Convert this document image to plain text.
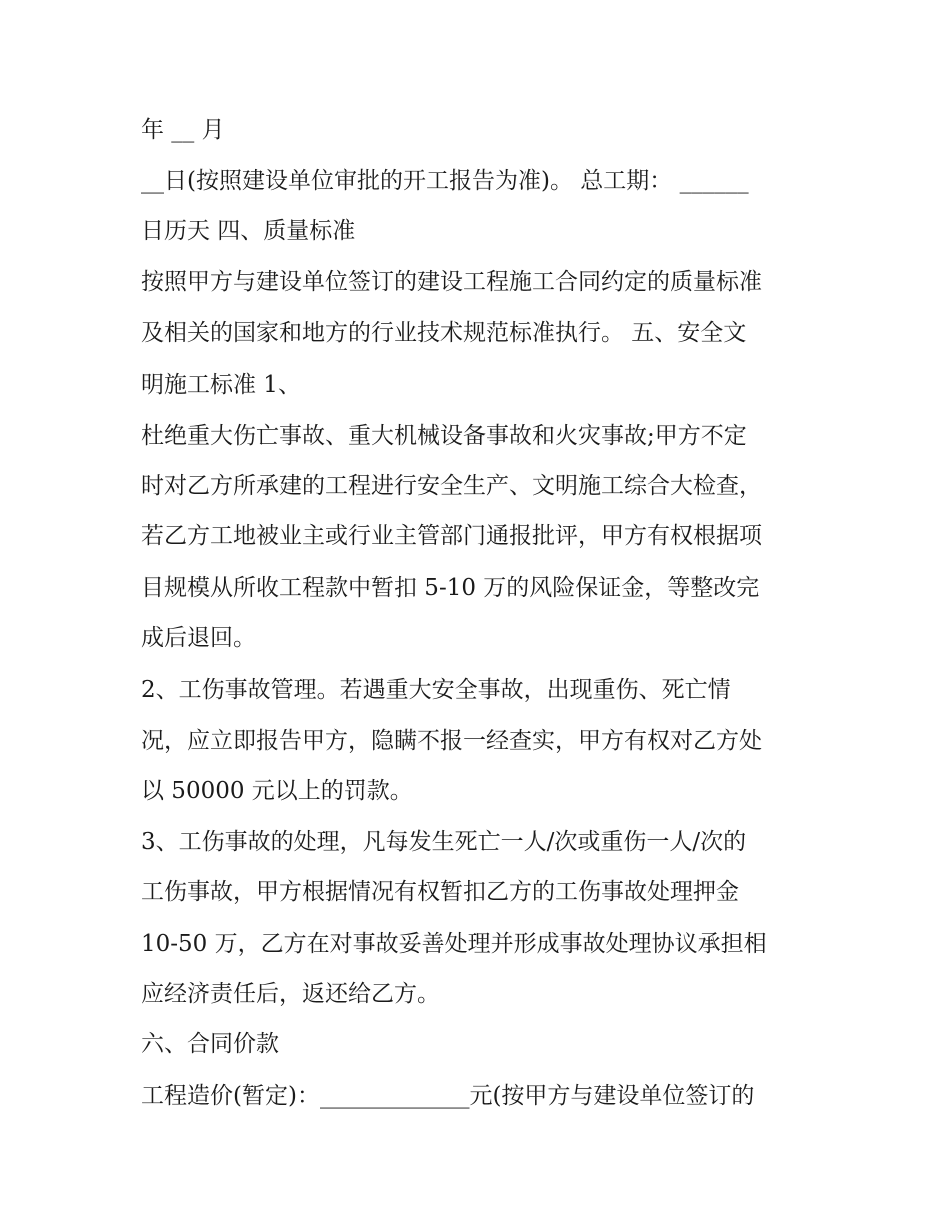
年 __ 月

__日(按照建设单位审批的开工报告为准)。 总工期： ______

日历天 四、质量标准

按照甲方与建设单位签订的建设工程施工合同约定的质量标准

及相关的国家和地方的行业技术规范标准执行。 五、安全文

明施工标准 1、

杜绝重大伤亡事故、重大机械设备事故和火灾事故;甲方不定

时对乙方所承建的工程进行安全生产、文明施工综合大检查，

若乙方工地被业主或行业主管部门通报批评，甲方有权根据项

目规模从所收工程款中暂扣 5-10 万的风险保证金，等整改完

成后退回。

2、工伤事故管理。若遇重大安全事故，出现重伤、死亡情

况，应立即报告甲方，隐瞒不报一经查实，甲方有权对乙方处

以 50000 元以上的罚款。

3、工伤事故的处理，凡每发生死亡一人/次或重伤一人/次的

工伤事故，甲方根据情况有权暂扣乙方的工伤事故处理押金

10-50 万，乙方在对事故妥善处理并形成事故处理协议承担相

应经济责任后，返还给乙方。

六、合同价款

工程造价(暂定)：_____________元(按甲方与建设单位签订的
